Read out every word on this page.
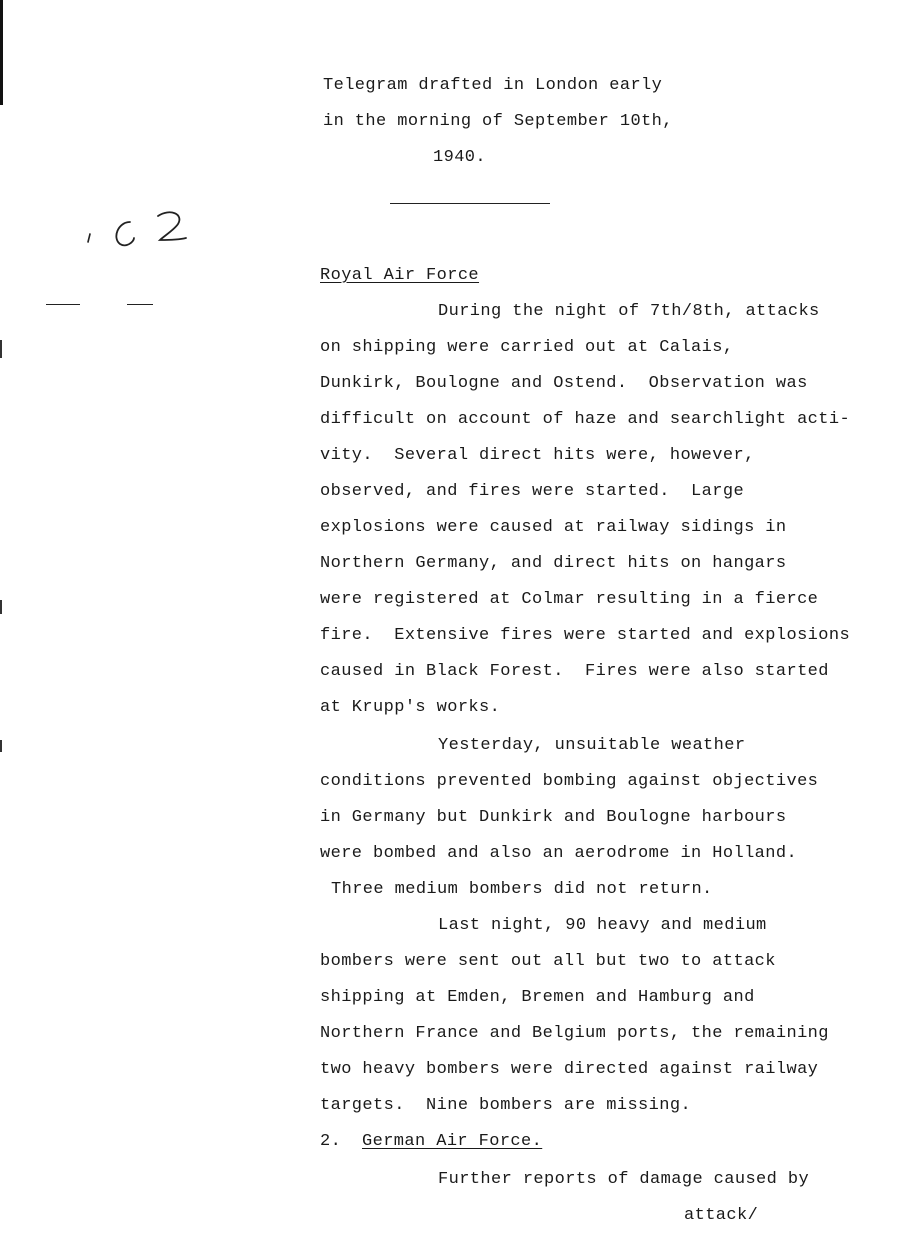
Telegram drafted in London early
in the morning of September 10th,
1940.
Royal Air Force
During the night of 7th/8th, attacks
on shipping were carried out at Calais,
Dunkirk, Boulogne and Ostend.  Observation was
difficult on account of haze and searchlight acti-
vity.  Several direct hits were, however,
observed, and fires were started.  Large
explosions were caused at railway sidings in
Northern Germany, and direct hits on hangars
were registered at Colmar resulting in a fierce
fire.  Extensive fires were started and explosions
caused in Black Forest.  Fires were also started
at Krupp's works.
Yesterday, unsuitable weather
conditions prevented bombing against objectives
in Germany but Dunkirk and Boulogne harbours
were bombed and also an aerodrome in Holland.
Three medium bombers did not return.
Last night, 90 heavy and medium
bombers were sent out all but two to attack
shipping at Emden, Bremen and Hamburg and
Northern France and Belgium ports, the remaining
two heavy bombers were directed against railway
targets.  Nine bombers are missing.
2. German Air Force.
Further reports of damage caused by
attack/
